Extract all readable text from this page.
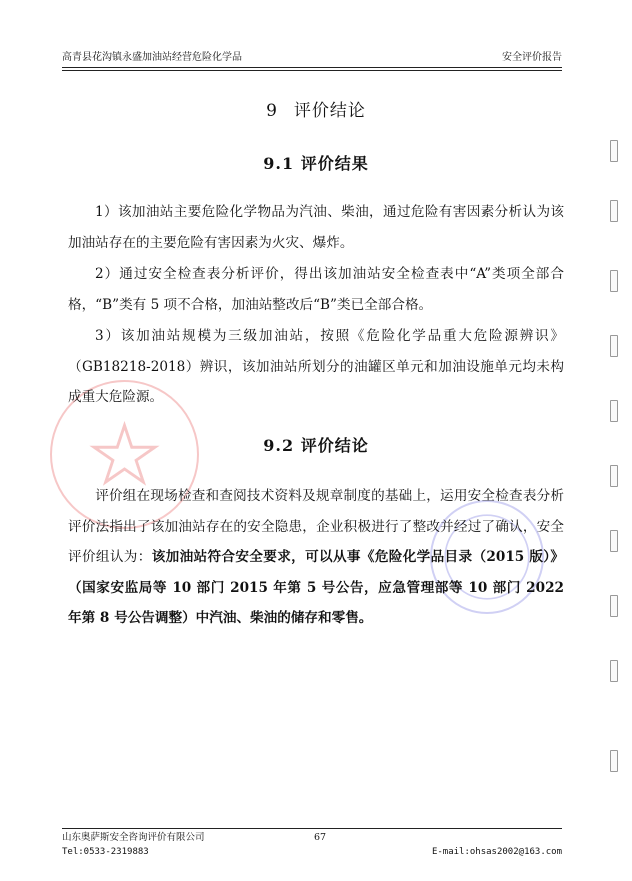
高青县花沟镇永盛加油站经营危险化学品	安全评价报告
9 评价结论
9.1 评价结果
1）该加油站主要危险化学物品为汽油、柴油，通过危险有害因素分析认为该加油站存在的主要危险有害因素为火灾、爆炸。
2）通过安全检查表分析评价，得出该加油站安全检查表中“A”类项全部合格，“B”类有 5 项不合格，加油站整改后“B”类已全部合格。
3）该加油站规模为三级加油站，按照《危险化学品重大危险源辨识》（GB18218-2018）辨识，该加油站所划分的油罐区单元和加油设施单元均未构成重大危险源。
9.2 评价结论
评价组在现场检查和查阅技术资料及规章制度的基础上，运用安全检查表分析评价法指出了该加油站存在的安全隐患，企业积极进行了整改并经过了确认，安全评价组认为：该加油站符合安全要求，可以从事《危险化学品目录（2015 版）》（国家安监局等 10 部门 2015 年第 5 号公告，应急管理部等 10 部门 2022 年第 8 号公告调整）中汽油、柴油的储存和零售。
山东奥萨斯安全咨询评价有限公司	67
Tel:0533-2319883	E-mail:ohsas2002@163.com
